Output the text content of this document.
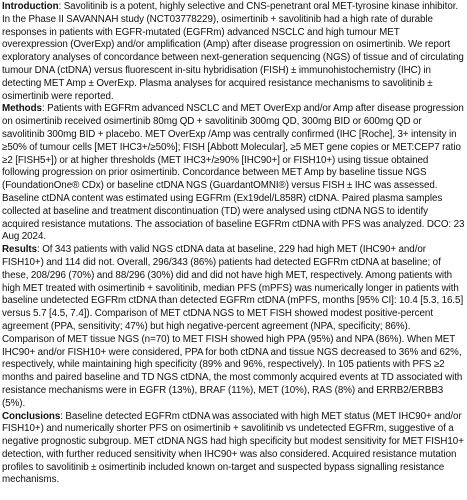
Introduction: Savolitinib is a potent, highly selective and CNS-penetrant oral MET-tyrosine kinase inhibitor. In the Phase II SAVANNAH study (NCT03778229), osimertinib + savolitinib had a high rate of durable responses in patients with EGFR-mutated (EGFRm) advanced NSCLC and high tumour MET overexpression (OverExp) and/or amplification (Amp) after disease progression on osimertinib. We report exploratory analyses of concordance between next-generation sequencing (NGS) of tissue and of circulating tumour DNA (ctDNA) versus fluorescent in-situ hybridisation (FISH) ± immunohistochemistry (IHC) in detecting MET Amp ± OverExp. Plasma analyses for acquired resistance mechanisms to savolitinib ± osimertinib were reported.

Methods: Patients with EGFRm advanced NSCLC and MET OverExp and/or Amp after disease progression on osimertinib received osimertinib 80mg QD + savolitinib 300mg QD, 300mg BID or 600mg QD or savolitinib 300mg BID + placebo. MET OverExp /Amp was centrally confirmed (IHC [Roche], 3+ intensity in ≥50% of tumour cells [MET IHC3+/≥50%]; FISH [Abbott Molecular], ≥5 MET gene copies or MET:CEP7 ratio ≥2 [FISH5+]) or at higher thresholds (MET IHC3+/≥90% [IHC90+] or FISH10+) using tissue obtained following progression on prior osimertinib. Concordance between MET Amp by baseline tissue NGS (FoundationOne® CDx) or baseline ctDNA NGS (GuardantOMNI®) versus FISH ± IHC was assessed. Baseline ctDNA content was estimated using EGFRm (Ex19del/L858R) ctDNA. Paired plasma samples collected at baseline and treatment discontinuation (TD) were analysed using ctDNA NGS to identify acquired resistance mutations. The association of baseline EGFRm ctDNA with PFS was analyzed. DCO: 23 Aug 2024.

Results: Of 343 patients with valid NGS ctDNA data at baseline, 229 had high MET (IHC90+ and/or FISH10+) and 114 did not. Overall, 296/343 (86%) patients had detected EGFRm ctDNA at baseline; of these, 208/296 (70%) and 88/296 (30%) did and did not have high MET, respectively. Among patients with high MET treated with osimertinib + savolitinib, median PFS (mPFS) was numerically longer in patients with baseline undetected EGFRm ctDNA than detected EGFRm ctDNA (mPFS, months [95% CI]: 10.4 [5.3, 16.5] versus 5.7 [4.5, 7.4]). Comparison of MET ctDNA NGS to MET FISH showed modest positive-percent agreement (PPA, sensitivity; 47%) but high negative-percent agreement (NPA, specificity; 86%). Comparison of MET tissue NGS (n=70) to MET FISH showed high PPA (95%) and NPA (86%). When MET IHC90+ and/or FISH10+ were considered, PPA for both ctDNA and tissue NGS decreased to 36% and 62%, respectively, while maintaining high specificity (89% and 96%, respectively). In 105 patients with PFS ≥2 months and paired baseline and TD NGS ctDNA, the most commonly acquired events at TD associated with resistance mechanisms were in EGFR (13%), BRAF (11%), MET (10%), RAS (8%) and ERRB2/ERBB3 (5%).

Conclusions: Baseline detected EGFRm ctDNA was associated with high MET status (MET IHC90+ and/or FISH10+) and numerically shorter PFS on osimertinib + savolitinib vs undetected EGFRm, suggestive of a negative prognostic subgroup. MET ctDNA NGS had high specificity but modest sensitivity for MET FISH10+ detection, with further reduced sensitivity when IHC90+ was also considered. Acquired resistance mutation profiles to savolitinib ± osimertinib included known on-target and suspected bypass signalling resistance mechanisms.
